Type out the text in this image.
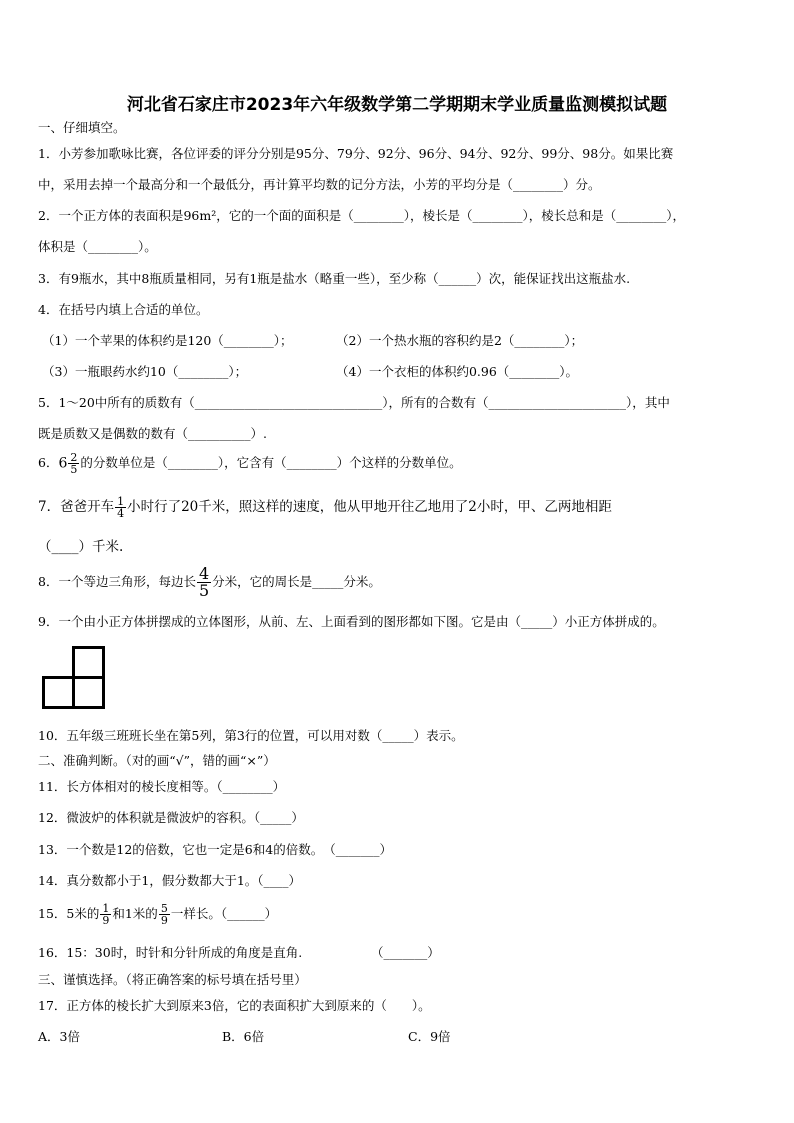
河北省石家庄市2023年六年级数学第二学期期末学业质量监测模拟试题
一、仔细填空。
1．小芳参加歌咏比赛，各位评委的评分分别是95分、79分、92分、96分、94分、92分、99分、98分。如果比赛
中，采用去掉一个最高分和一个最低分，再计算平均数的记分方法，小芳的平均分是（________）分。
2．一个正方体的表面积是96m²，它的一个面的面积是（________），棱长是（________），棱长总和是（________），
体积是（________）。
3．有9瓶水，其中8瓶质量相同，另有1瓶是盐水（略重一些），至少称（______）次，能保证找出这瓶盐水.
4．在括号内填上合适的单位。
（1）一个苹果的体积约是120（________）；	（2）一个热水瓶的容积约是2（________）；
（3）一瓶眼药水约10（________）；	（4）一个衣柜的体积约0.96（________）。
5．1～20中所有的质数有（______________________________），所有的合数有（______________________），其中
既是质数又是偶数的数有（__________）.
6．$6 \frac{2}{5}$ 的分数单位是（________），它含有（________）个这样的分数单位。
7．爸爸开车 $\frac{1}{4}$ 小时行了20千米，照这样的速度，他从甲地开往乙地用了2小时，甲、乙两地相距
（____）千米.
8．一个等边三角形，每边长 $\frac{4}{5}$ 分米，它的周长是_____分米。
9．一个由小正方体拼摆成的立体图形，从前、左、上面看到的图形都如下图。它是由（_____）小正方体拼成的。
10．五年级三班班长坐在第5列，第3行的位置，可以用对数（_____）表示。
二、准确判断。（对的画“√”，错的画“×”）
11．长方体相对的棱长度相等。（________）
12．微波炉的体积就是微波炉的容积。（_____）
13．一个数是12的倍数，它也一定是6和4的倍数。　（_______）
14．真分数都小于1，假分数都大于1。（____）
15．5米的 $\frac{1}{9}$ 和1米的 $\frac{5}{9}$ 一样长。（______）
16．15：30时，时针和分针所成的角度是直角.　　　　　　（_______）
三、谨慎选择。（将正确答案的标号填在括号里）
17．正方体的棱长扩大到原来3倍，它的表面积扩大到原来的（　　）。
A．3倍	B．6倍	C．9倍
